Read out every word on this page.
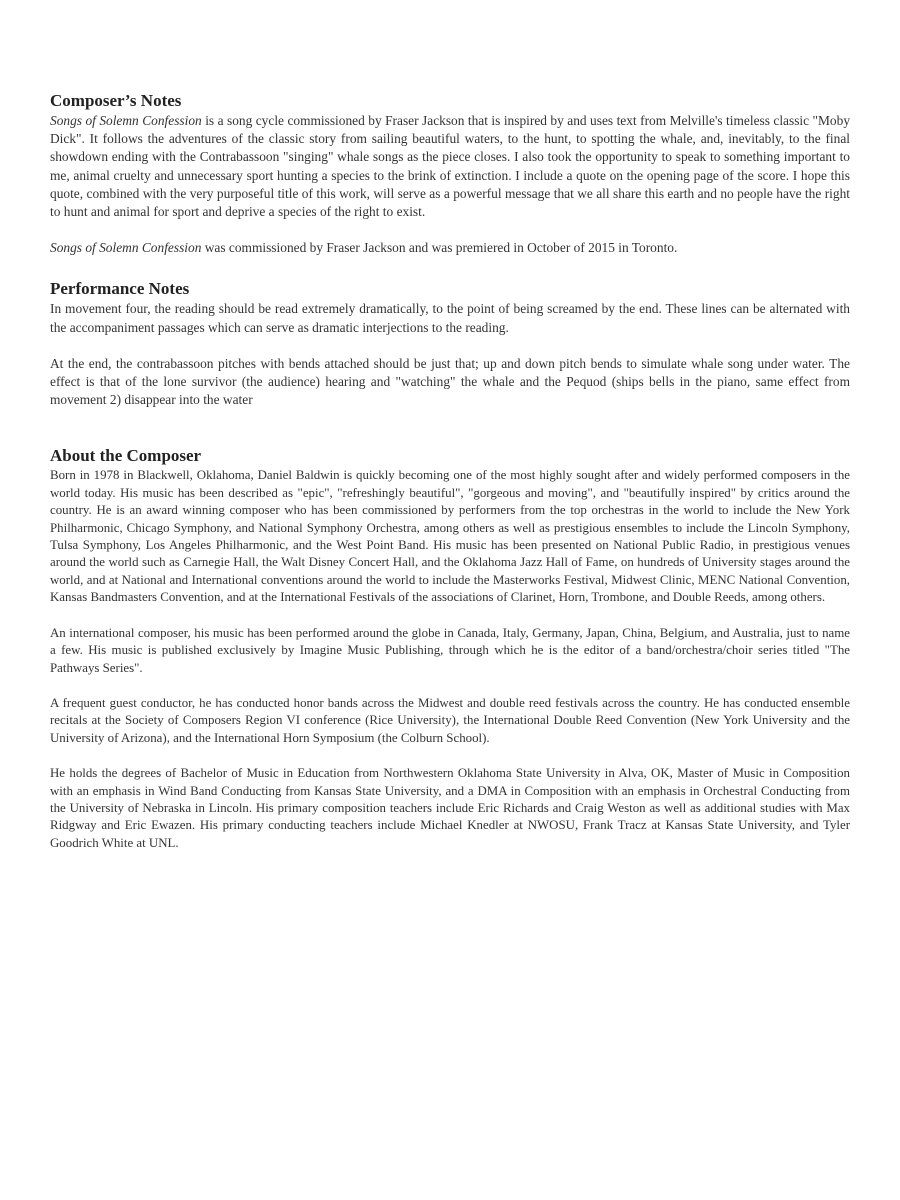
Composer’s Notes

Songs of Solemn Confession is a song cycle commissioned by Fraser Jackson that is inspired by and uses text from Melville's timeless classic "Moby Dick". It follows the adventures of the classic story from sailing beautiful waters, to the hunt, to spotting the whale, and, inevitably, to the final showdown ending with the Contrabassoon "singing" whale songs as the piece closes. I also took the opportunity to speak to something important to me, animal cruelty and unnecessary sport hunting a species to the brink of extinction. I include a quote on the opening page of the score. I hope this quote, combined with the very purposeful title of this work, will serve as a powerful message that we all share this earth and no people have the right to hunt and animal for sport and deprive a species of the right to exist.

Songs of Solemn Confession was commissioned by Fraser Jackson and was premiered in October of 2015 in Toronto.

Performance Notes

In movement four, the reading should be read extremely dramatically, to the point of being screamed by the end. These lines can be alternated with the accompaniment passages which can serve as dramatic interjections to the reading.

At the end, the contrabassoon pitches with bends attached should be just that; up and down pitch bends to simulate whale song under water. The effect is that of the lone survivor (the audience) hearing and "watching" the whale and the Pequod (ships bells in the piano, same effect from movement 2) disappear into the water

About the Composer

Born in 1978 in Blackwell, Oklahoma, Daniel Baldwin is quickly becoming one of the most highly sought after and widely performed composers in the world today. His music has been described as "epic", "refreshingly beautiful", "gorgeous and moving", and "beautifully inspired" by critics around the country. He is an award winning composer who has been commissioned by performers from the top orchestras in the world to include the New York Philharmonic, Chicago Symphony, and National Symphony Orchestra, among others as well as prestigious ensembles to include the Lincoln Symphony, Tulsa Symphony, Los Angeles Philharmonic, and the West Point Band. His music has been presented on National Public Radio, in prestigious venues around the world such as Carnegie Hall, the Walt Disney Concert Hall, and the Oklahoma Jazz Hall of Fame, on hundreds of University stages around the world, and at National and International conventions around the world to include the Masterworks Festival, Midwest Clinic, MENC National Convention, Kansas Bandmasters Convention, and at the International Festivals of the associations of Clarinet, Horn, Trombone, and Double Reeds, among others.

An international composer, his music has been performed around the globe in Canada, Italy, Germany, Japan, China, Belgium, and Australia, just to name a few. His music is published exclusively by Imagine Music Publishing, through which he is the editor of a band/orchestra/choir series titled "The Pathways Series".

A frequent guest conductor, he has conducted honor bands across the Midwest and double reed festivals across the country. He has conducted ensemble recitals at the Society of Composers Region VI conference (Rice University), the International Double Reed Convention (New York University and the University of Arizona), and the International Horn Symposium (the Colburn School).

He holds the degrees of Bachelor of Music in Education from Northwestern Oklahoma State University in Alva, OK, Master of Music in Composition with an emphasis in Wind Band Conducting from Kansas State University, and a DMA in Composition with an emphasis in Orchestral Conducting from the University of Nebraska in Lincoln. His primary composition teachers include Eric Richards and Craig Weston as well as additional studies with Max Ridgway and Eric Ewazen. His primary conducting teachers include Michael Knedler at NWOSU, Frank Tracz at Kansas State University, and Tyler Goodrich White at UNL.
